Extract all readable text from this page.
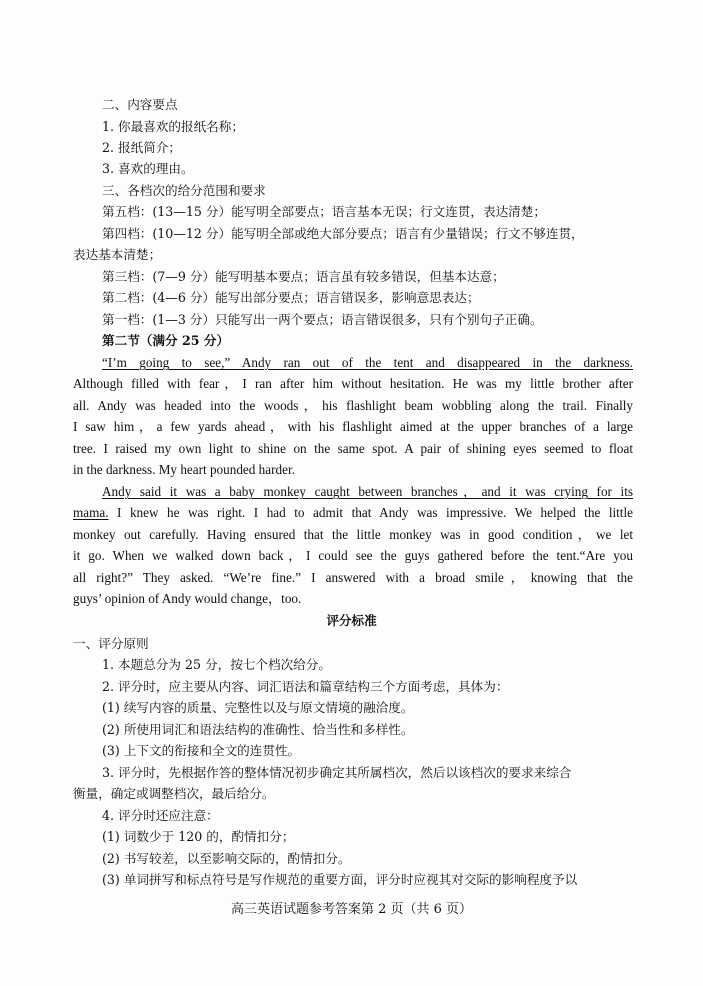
二、内容要点
1. 你最喜欢的报纸名称；
2. 报纸简介；
3. 喜欢的理由。
三、各档次的给分范围和要求
第五档：(13—15 分）能写明全部要点；语言基本无误；行文连贯，表达清楚；
第四档：(10—12 分）能写明全部或绝大部分要点；语言有少量错误；行文不够连贯，
表达基本清楚；
第三档：(7—9 分）能写明基本要点；语言虽有较多错误，但基本达意；
第二档：(4—6 分）能写出部分要点；语言错误多，影响意思表达；
第一档：(1—3 分）只能写出一两个要点；语言错误很多，只有个别句子正确。
第二节（满分 25 分）
“I’m going to see,” Andy ran out of the tent and disappeared in the darkness.
Although filled with fear，I ran after him without hesitation. He was my little brother after
all. Andy was headed into the woods，his flashlight beam wobbling along the trail. Finally
I saw him，a few yards ahead，with his flashlight aimed at the upper branches of a large
tree. I raised my own light to shine on the same spot. A pair of shining eyes seemed to float
in the darkness. My heart pounded harder.
Andy said it was a baby monkey caught between branches，and it was crying for its
mama. I knew he was right. I had to admit that Andy was impressive. We helped the little
monkey out carefully. Having ensured that the little monkey was in good condition，we let
it go. When we walked down back，I could see the guys gathered before the tent.“Are you
all right?” They asked. “We’re fine.” I answered with a broad smile，knowing that the
guys’ opinion of Andy would change，too.
评分标准
一、评分原则
1. 本题总分为 25 分，按七个档次给分。
2. 评分时，应主要从内容、词汇语法和篇章结构三个方面考虑，具体为：
(1) 续写内容的质量、完整性以及与原文情境的融洽度。
(2) 所使用词汇和语法结构的准确性、恰当性和多样性。
(3) 上下文的衔接和全文的连贯性。
3. 评分时，先根据作答的整体情况初步确定其所属档次，然后以该档次的要求来综合
衡量，确定或调整档次，最后给分。
4. 评分时还应注意：
(1) 词数少于 120 的，酌情扣分；
(2) 书写较差，以至影响交际的，酌情扣分。
(3) 单词拼写和标点符号是写作规范的重要方面，评分时应视其对交际的影响程度予以
高三英语试题参考答案第 2 页（共 6 页）
